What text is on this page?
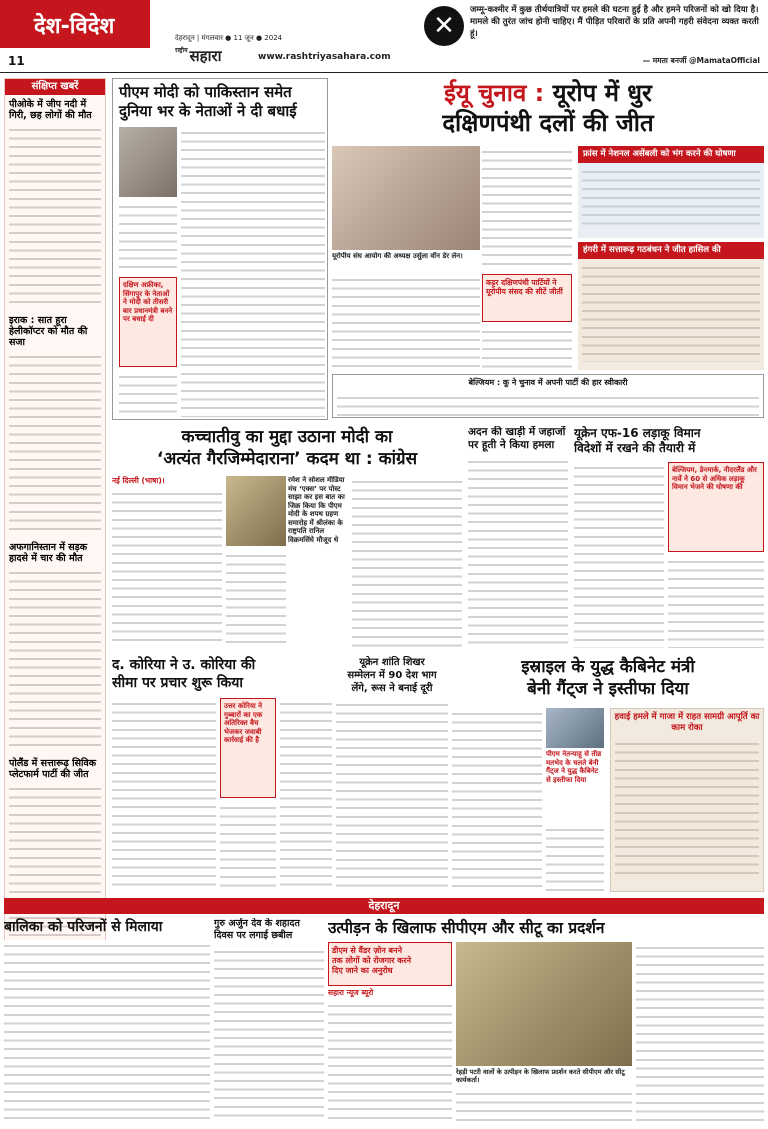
देश-विदेश
11
देहरादून | मंगलवार ● 11 जून ● 2024
$^{राष्ट्रीय}$ सहारा	www.rashtriyasahara.com
✕
जम्मू-कश्मीर में कुछ तीर्थयात्रियों पर हमले की घटना हुई है और हमने परिजनों को खो दिया है। मामले की तुरंत जांच होनी चाहिए। मैं पीड़ित परिवारों के प्रति अपनी गहरी संवेदना व्यक्त करती हूं।
— ममता बनर्जी @MamataOfficial
संक्षिप्त खबरें
पीओके में जीप नदी में गिरी, छह लोगों की मौत
इराक : सात हूरा हेलीकॉप्टर को मौत की सजा
अफगानिस्तान में सड़क हादसे में चार की मौत
पोलैंड में सत्तारूढ़ सिविक प्लेटफार्म पार्टी की जीत
पीएम मोदी को पाकिस्तान समेत
दुनिया भर के नेताओं ने दी बधाई
दक्षिण अफ्रीका, सिंगापुर के नेताओं ने मोदी को तीसरी बार प्रधानमंत्री बनने पर बधाई दी
ईयू चुनाव : यूरोप में धुर
दक्षिणपंथी दलों की जीत
यूरोपीय संघ आयोग की अध्यक्ष उर्सुला वॉन डेर लेन।
कट्टर दक्षिणपंथी पार्टियों ने यूरोपीय संसद की सीटें जीतीं
फ्रांस में नेशनल असेंबली को भंग करने की घोषणा
हंगरी में सत्तारूढ़ गठबंधन ने जीत हासिल की
बेल्जियम : कू ने चुनाव में अपनी पार्टी की हार स्वीकारी
कच्चातीवु का मुद्दा उठाना मोदी का
‘अत्यंत गैरजिम्मेदाराना’ कदम था : कांग्रेस
नई दिल्ली (भाषा)।	रमेश ने सोशल मीडिया मंच ‘एक्स’ पर पोस्ट साझा कर इस बात का जिक्र किया कि पीएम मोदी के शपथ ग्रहण समारोह में श्रीलंका के राष्ट्रपति रानिल विक्रमसिंघे मौजूद थे
अदन की खाड़ी में जहाजों
पर हूती ने किया हमला
यूक्रेन एफ-16 लड़ाकू विमान
विदेशों में रखने की तैयारी में
बेल्जियम, डेनमार्क, नीदरलैंड और नार्वे ने 60 से अधिक लड़ाकू विमान भेजने की घोषणा की
द. कोरिया ने उ. कोरिया की
सीमा पर प्रचार शुरू किया
उत्तर कोरिया ने गुब्बारों का एक अतिरिक्त बैच भेजकर जवाबी कार्रवाई की है
यूक्रेन शांति शिखर
सम्मेलन में 90 देश भाग
लेंगे, रूस ने बनाई दूरी
इस्राइल के युद्ध कैबिनेट मंत्री
बेनी गैंट्ज ने इस्तीफा दिया
पीएम नेतन्याहू से तीव्र मतभेद के चलते बेनी गैंट्ज ने युद्ध कैबिनेट से इस्तीफा दिया
हवाई हमले में गाजा में राहत सामग्री आपूर्ति का काम रोका
देहरादून
बालिका को परिजनों से मिलाया	गुरु अर्जुन देव के शहादत
दिवस पर लगाई छबील	उत्पीड़न के खिलाफ सीपीएम और सीटू का प्रदर्शन
डीएम से वैंडर ज़ोन बनने
तक लोगों को रोजगार करने
दिए जाने का अनुरोध
सहारा न्यूज ब्यूरो
रेहड़ी पटरी वालों के उत्पीड़न के खिलाफ प्रदर्शन करते सीपीएम और सीटू कार्यकर्ता।
